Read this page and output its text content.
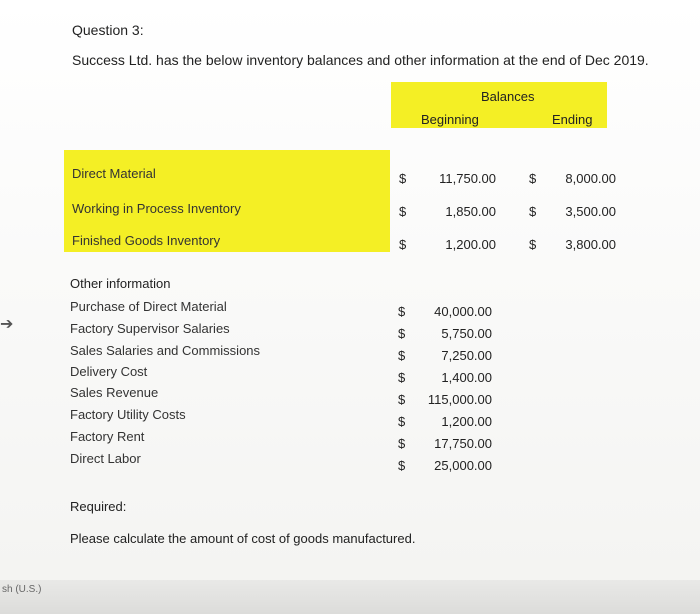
sh (U.S.)
➔
Question 3:
Success Ltd. has the below inventory balances and other information at the end of Dec 2019.
Balances
Beginning	Ending
Direct Material	$	11,750.00	$	8,000.00
Working in Process Inventory	$	1,850.00	$	3,500.00
Finished Goods Inventory	$	1,200.00	$	3,800.00
Other information
Purchase of Direct Material	$	40,000.00
Factory Supervisor Salaries	$	5,750.00
Sales Salaries and Commissions	$	7,250.00
Delivery Cost	$	1,400.00
Sales Revenue	$	115,000.00
Factory Utility Costs	$	1,200.00
Factory Rent	$	17,750.00
Direct Labor	$	25,000.00
Required:
Please calculate the amount of cost of goods manufactured.
